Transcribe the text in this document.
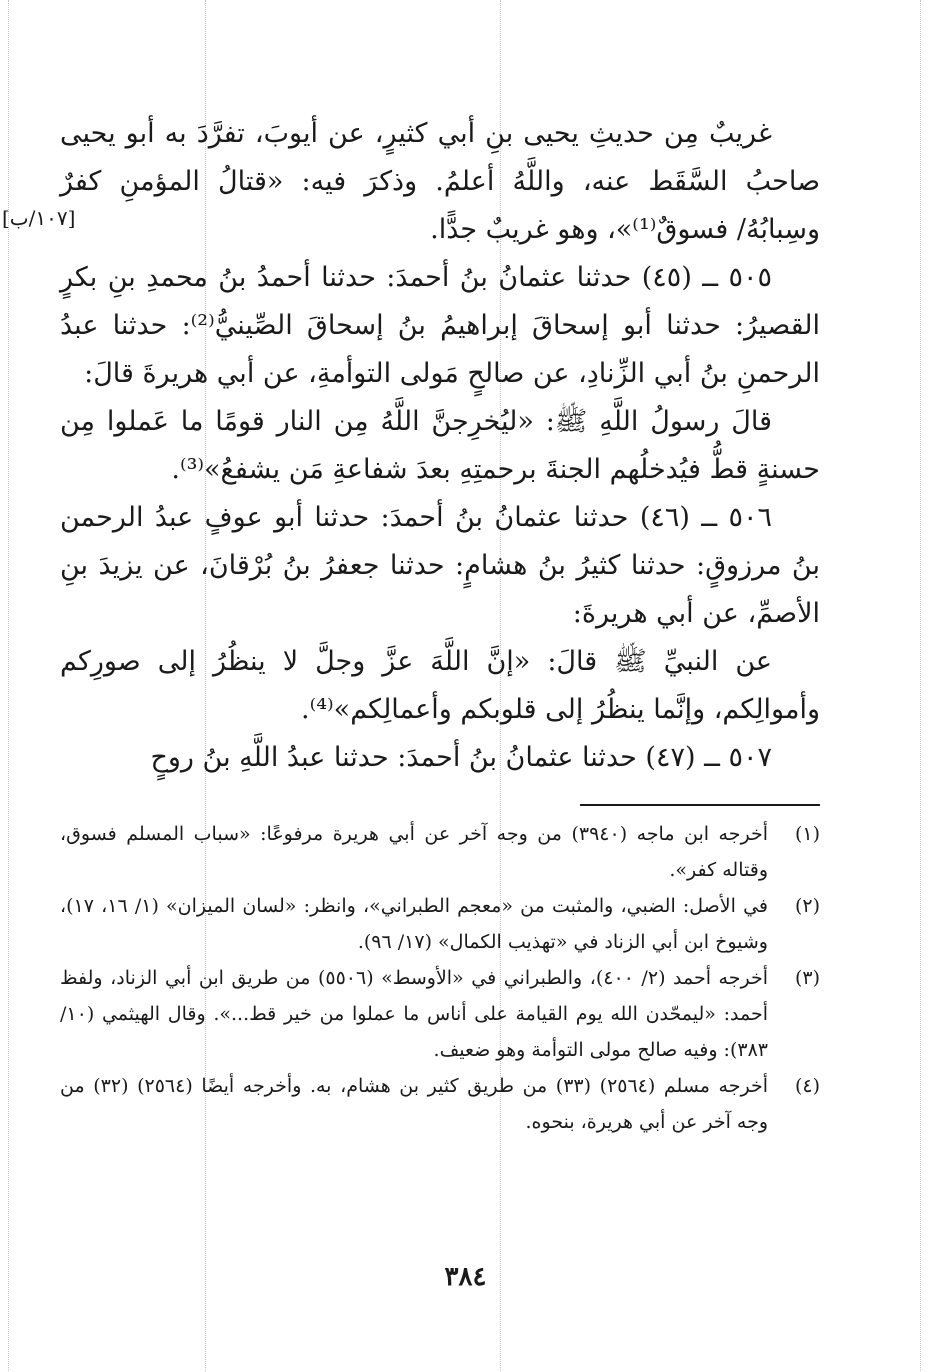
غريبٌ مِن حديثِ يحيى بنِ أبي كثيرٍ، عن أيوبَ، تفرَّدَ به أبو يحيى صاحبُ السَّقَط عنه، واللَّهُ أعلمُ. وذكرَ فيه: «قتالُ المؤمنِ كفرٌ وسِبابُهُ/ فسوقٌ⁽¹⁾»، وهو غريبٌ جدًّا.

[١٠٧/ب]

٥٠٥ ــ (٤٥) حدثنا عثمانُ بنُ أحمدَ: حدثنا أحمدُ بنُ محمدِ بنِ بكرٍ القصيرُ: حدثنا أبو إسحاقَ إبراهيمُ بنُ إسحاقَ الصِّينيُّ⁽²⁾: حدثنا عبدُ الرحمنِ بنُ أبي الزِّنادِ، عن صالحٍ مَولى التوأمةِ، عن أبي هريرةَ قالَ:

قالَ رسولُ اللَّهِ ﷺ: «ليُخرِجنَّ اللَّهُ مِن النار قومًا ما عَملوا مِن حسنةٍ قطُّ فيُدخلُهم الجنةَ برحمتِهِ بعدَ شفاعةِ مَن يشفعُ»⁽³⁾.

٥٠٦ ــ (٤٦) حدثنا عثمانُ بنُ أحمدَ: حدثنا أبو عوفٍ عبدُ الرحمن بنُ مرزوقٍ: حدثنا كثيرُ بنُ هشامٍ: حدثنا جعفرُ بنُ بُرْقانَ، عن يزيدَ بنِ الأصمِّ، عن أبي هريرةَ:

عن النبيِّ ﷺ قالَ: «إنَّ اللَّهَ عزَّ وجلَّ لا ينظُرُ إلى صورِكم وأموالِكم، وإنَّما ينظُرُ إلى قلوبكم وأعمالِكم»⁽⁴⁾.

٥٠٧ ــ (٤٧) حدثنا عثمانُ بنُ أحمدَ: حدثنا عبدُ اللَّهِ بنُ روحٍ

(١)
أخرجه ابن ماجه (٣٩٤٠) من وجه آخر عن أبي هريرة مرفوعًا: «سباب المسلم فسوق، وقتاله كفر».
(٢)
في الأصل: الضبي، والمثبت من «معجم الطبراني»، وانظر: «لسان الميزان» (١/ ١٦، ١٧)، وشيوخ ابن أبي الزناد في «تهذيب الكمال» (١٧/ ٩٦).
(٣)
أخرجه أحمد (٢/ ٤٠٠)، والطبراني في «الأوسط» (٥٥٠٦) من طريق ابن أبي الزناد، ولفظ أحمد: «ليمحّدن الله يوم القيامة على أناس ما عملوا من خير قط...». وقال الهيثمي (١٠/ ٣٨٣): وفيه صالح مولى التوأمة وهو ضعيف.
(٤)
أخرجه مسلم (٢٥٦٤) (٣٣) من طريق كثير بن هشام، به. وأخرجه أيضًا (٢٥٦٤) (٣٢) من وجه آخر عن أبي هريرة، بنحوه.
٣٨٤
